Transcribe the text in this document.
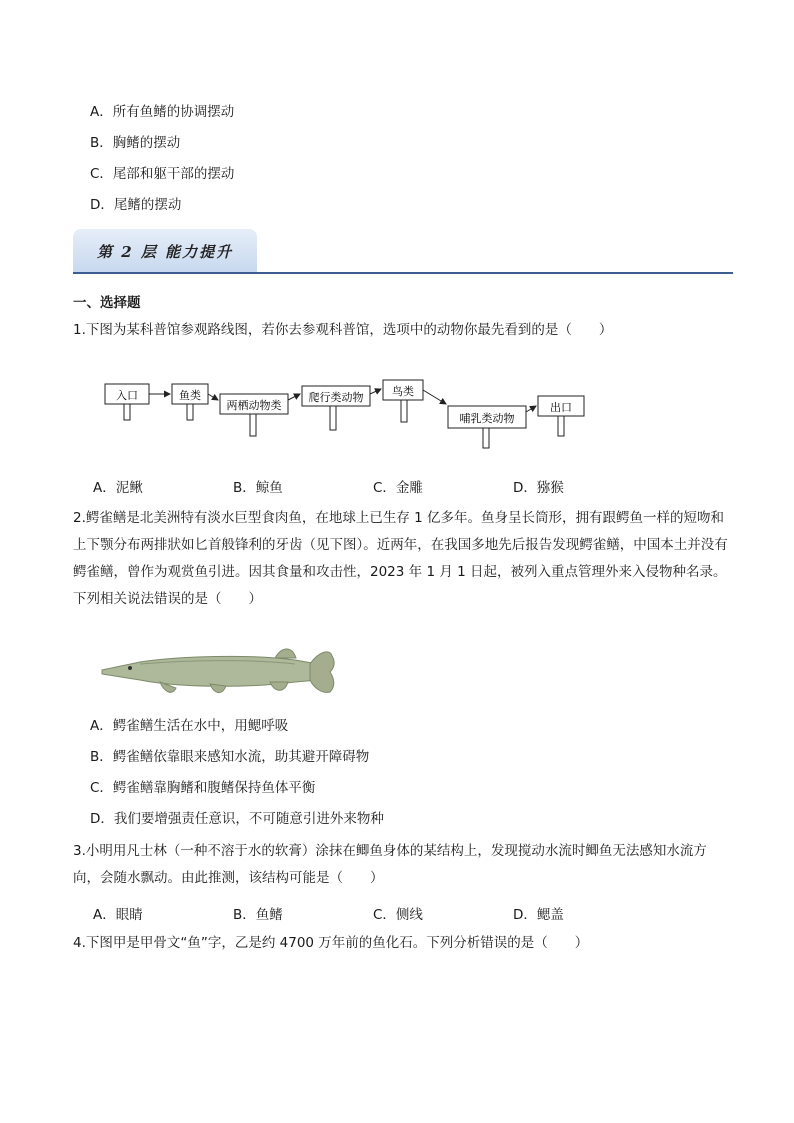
A．所有鱼鳍的协调摆动
B．胸鳍的摆动
C．尾部和躯干部的摆动
D．尾鳍的摆动
第 2 层 能力提升
一、选择题
1.下图为某科普馆参观路线图，若你去参观科普馆，选项中的动物你最先看到的是（　　）
入口	鱼类
两栖动物类
爬行类动物	鸟类
哺乳类动物
出口
A．泥鳅	B．鲸鱼	C．金雕	D．猕猴
2.鳄雀鳝是北美洲特有淡水巨型食肉鱼，在地球上已生存 1 亿多年。鱼身呈长筒形，拥有跟鳄鱼一样的短吻和上下颚分布两排狀如匕首般锋利的牙齿（见下图）。近两年，在我国多地先后报告发现鳄雀鳝，中国本土并没有鳄雀鳝，曾作为观赏鱼引进。因其食量和攻击性，2023 年 1 月 1 日起，被列入重点管理外来入侵物种名录。下列相关说法错误的是（　　）
A．鳄雀鳝生活在水中，用鳃呼吸
B．鳄雀鳝依靠眼来感知水流，助其避开障碍物
C．鳄雀鳝靠胸鳍和腹鳍保持鱼体平衡
D．我们要增强责任意识，不可随意引进外来物种
3.小明用凡士林（一种不溶于水的软膏）涂抹在鲫鱼身体的某结构上，发现搅动水流时鲫鱼无法感知水流方向，会随水飘动。由此推测，该结构可能是（　　）
A．眼睛	B．鱼鳍	C．侧线	D．鳃盖
4.下图甲是甲骨文“鱼”字，乙是约 4700 万年前的鱼化石。下列分析错误的是（　　）
